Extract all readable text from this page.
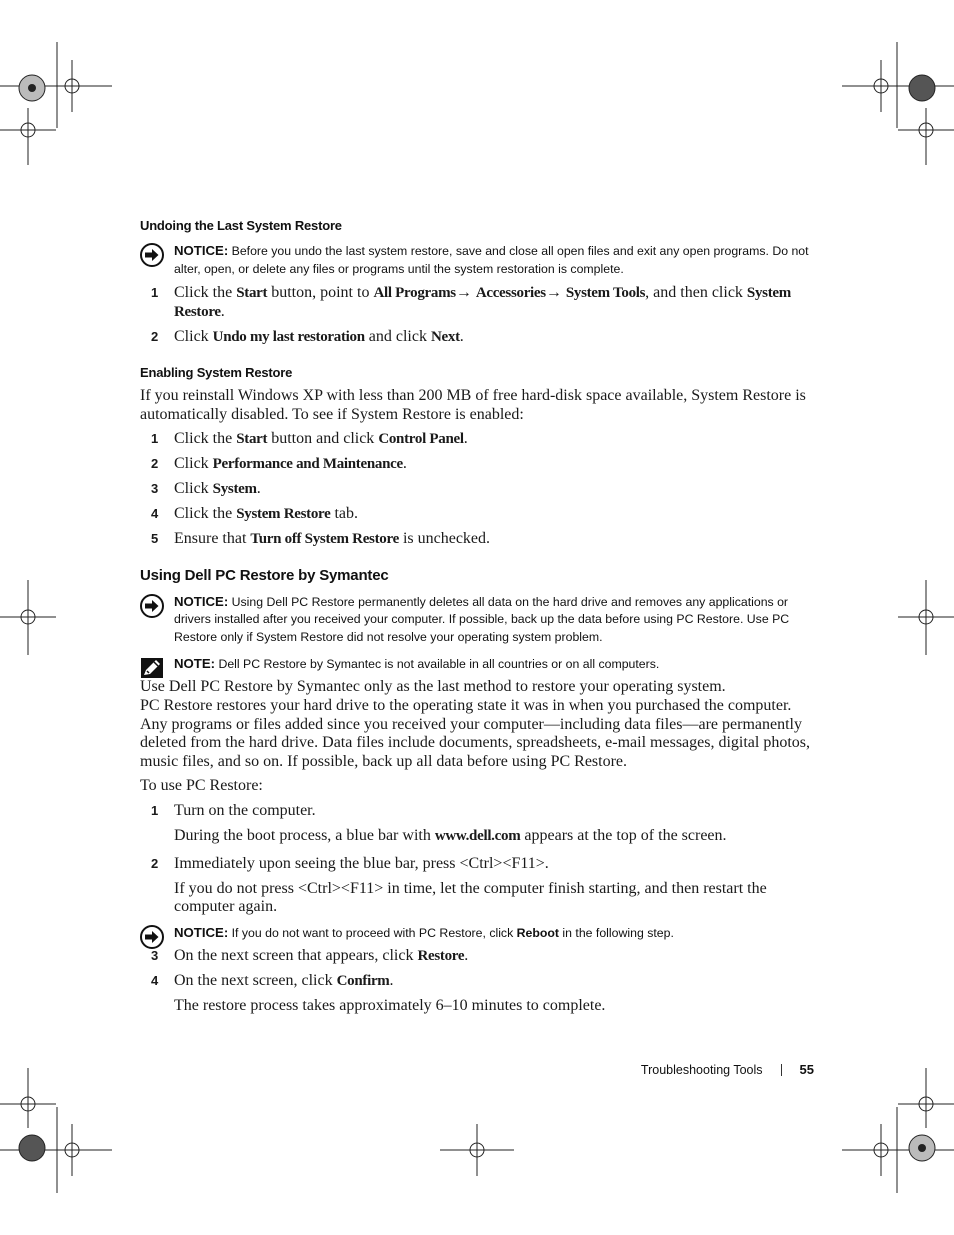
Undoing the Last System Restore
NOTICE: Before you undo the last system restore, save and close all open files and exit any open programs. Do not alter, open, or delete any files or programs until the system restoration is complete.

1 Click the Start button, point to All Programs→ Accessories→ System Tools, and then click System Restore.

2 Click Undo my last restoration and click Next.

Enabling System Restore

If you reinstall Windows XP with less than 200 MB of free hard-disk space available, System Restore is automatically disabled. To see if System Restore is enabled:

1 Click the Start button and click Control Panel.

2 Click Performance and Maintenance.

3 Click System.

4 Click the System Restore tab.

5 Ensure that Turn off System Restore is unchecked.

Using Dell PC Restore by Symantec
NOTICE: Using Dell PC Restore permanently deletes all data on the hard drive and removes any applications or drivers installed after you received your computer. If possible, back up the data before using PC Restore. Use PC Restore only if System Restore did not resolve your operating system problem.
NOTE: Dell PC Restore by Symantec is not available in all countries or on all computers.

Use Dell PC Restore by Symantec only as the last method to restore your operating system.

PC Restore restores your hard drive to the operating state it was in when you purchased the computer. Any programs or files added since you received your computer—including data files—are permanently deleted from the hard drive. Data files include documents, spreadsheets, e-mail messages, digital photos, music files, and so on. If possible, back up all data before using PC Restore.

To use PC Restore:

1 Turn on the computer.

During the boot process, a blue bar with www.dell.com appears at the top of the screen.

2 Immediately upon seeing the blue bar, press <Ctrl><F11>.

If you do not press <Ctrl><F11> in time, let the computer finish starting, and then restart the computer again.

NOTICE: If you do not want to proceed with PC Restore, click Reboot in the following step.

3 On the next screen that appears, click Restore.

4 On the next screen, click Confirm.

The restore process takes approximately 6–10 minutes to complete.

Troubleshooting Tools	55
